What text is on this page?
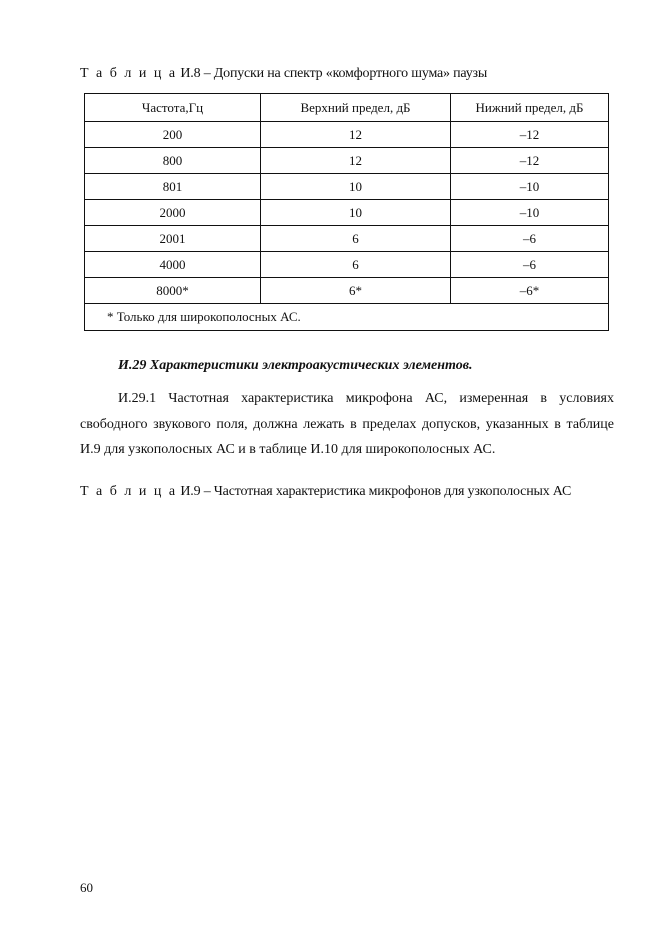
Т а б л и ц а И.8 – Допуски на спектр «комфортного шума» паузы
Частота,Гц	Верхний предел, дБ	Нижний предел, дБ
200	12	–12
800	12	–12
801	10	–10
2000	10	–10
2001	6	–6
4000	6	–6
8000*	6*	–6*
* Только для широкополосных АС.		
И.29 Характеристики электроакустических элементов.
И.29.1 Частотная характеристика микрофона АС, измеренная в условиях свободного звукового поля, должна лежать в пределах допусков, указанных в таблице И.9 для узкополосных АС и в таблице И.10 для широкополосных АС.
Т а б л и ц а И.9 – Частотная характеристика микрофонов для узкополосных АС
60
